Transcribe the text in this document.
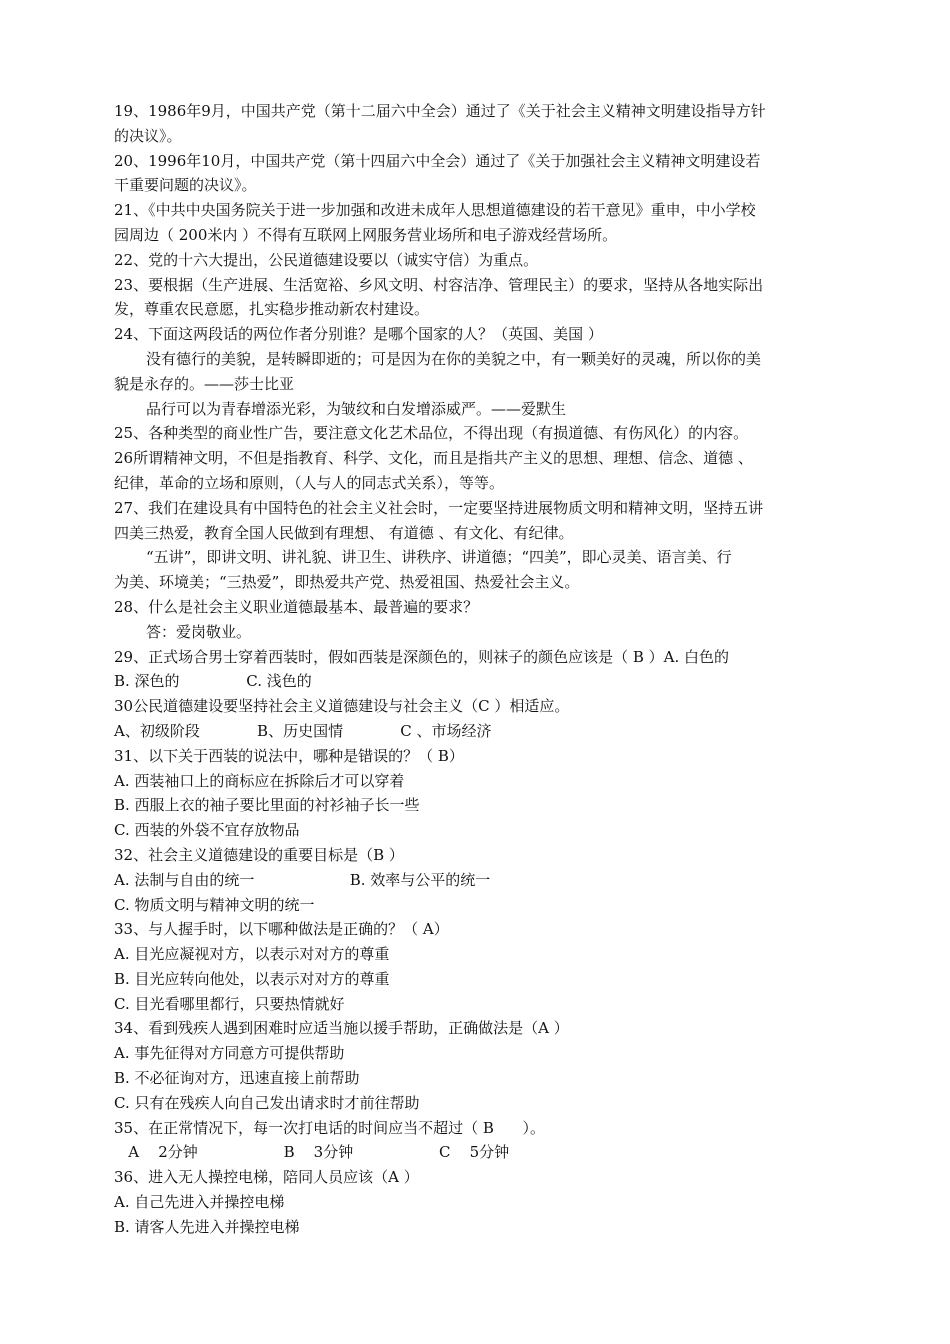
19、1986年9月，中国共产党（第十二届六中全会）通过了《关于社会主义精神文明建设指导方针
的决议》。
20、1996年10月，中国共产党（第十四届六中全会）通过了《关于加强社会主义精神文明建设若
干重要问题的决议》。
21、《中共中央国务院关于进一步加强和改进未成年人思想道德建设的若干意见》重申，中小学校
园周边（ 200米内 ）不得有互联网上网服务营业场所和电子游戏经营场所。
22、党的十六大提出，公民道德建设要以（诚实守信）为重点。
23、要根据（生产进展、生活宽裕、乡风文明、村容洁净、管理民主）的要求，坚持从各地实际出
发，尊重农民意愿，扎实稳步推动新农村建设。
24、下面这两段话的两位作者分别谁？是哪个国家的人？（英国、美国 ）
没有德行的美貌，是转瞬即逝的；可是因为在你的美貌之中，有一颗美好的灵魂，所以你的美
貌是永存的。——莎士比亚
品行可以为青春增添光彩，为皱纹和白发增添威严。——爱默生
25、各种类型的商业性广告，要注意文化艺术品位，不得出现（有损道德、有伤风化）的内容。
26所谓精神文明，不但是指教育、科学、文化，而且是指共产主义的思想、理想、信念、道德 、
纪律，革命的立场和原则，（人与人的同志式关系），等等。
27、我们在建设具有中国特色的社会主义社会时，一定要坚持进展物质文明和精神文明，坚持五讲
四美三热爱，教育全国人民做到有理想、 有道德 、有文化、有纪律。
“五讲”，即讲文明、讲礼貌、讲卫生、讲秩序、讲道德；“四美”，即心灵美、语言美、行
为美、环境美；“三热爱”，即热爱共产党、热爱祖国、热爱社会主义。
28、什么是社会主义职业道德最基本、最普遍的要求？
答：爱岗敬业。
29、正式场合男士穿着西装时，假如西装是深颜色的，则袜子的颜色应该是（ B ）A. 白色的
B. 深色的              C. 浅色的
30公民道德建设要坚持社会主义道德建设与社会主义（C ）相适应。
A、初级阶段            B、历史国情            C 、市场经济
31、以下关于西装的说法中，哪种是错误的？（ B）
A. 西装袖口上的商标应在拆除后才可以穿着
B. 西服上衣的袖子要比里面的衬衫袖子长一些
C. 西装的外袋不宜存放物品
32、社会主义道德建设的重要目标是（B ）
A. 法制与自由的统一                    B. 效率与公平的统一
C. 物质文明与精神文明的统一
33、与人握手时，以下哪种做法是正确的？（ A）
A. 目光应凝视对方，以表示对对方的尊重
B. 目光应转向他处，以表示对对方的尊重
C. 目光看哪里都行，只要热情就好
34、看到残疾人遇到困难时应适当施以援手帮助，正确做法是（A ）
A. 事先征得对方同意方可提供帮助
B. 不必征询对方，迅速直接上前帮助
C. 只有在残疾人向自己发出请求时才前往帮助
35、在正常情况下，每一次打电话的时间应当不超过（ B      ）。
A    2分钟                  B    3分钟                  C    5分钟
36、进入无人操控电梯，陪同人员应该（A ）
A. 自己先进入并操控电梯
B. 请客人先进入并操控电梯
